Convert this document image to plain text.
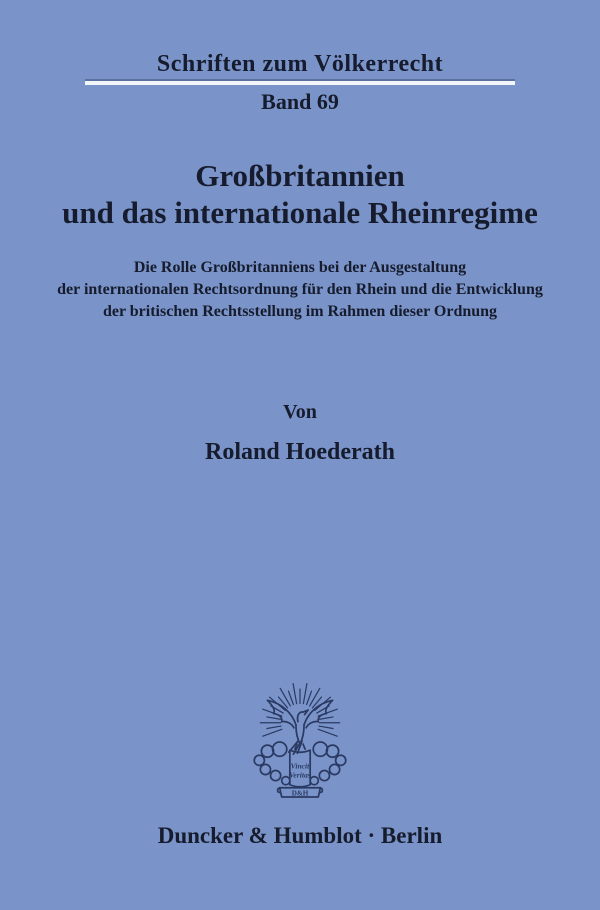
Schriften zum Völkerrecht
Band 69
Großbritannien
und das internationale Rheinregime
Die Rolle Großbritanniens bei der Ausgestaltung
der internationalen Rechtsordnung für den Rhein und die Entwicklung
der britischen Rechtsstellung im Rahmen dieser Ordnung
Von
Roland Hoederath
Vincit
Veritas
D&H
Duncker & Humblot · Berlin
